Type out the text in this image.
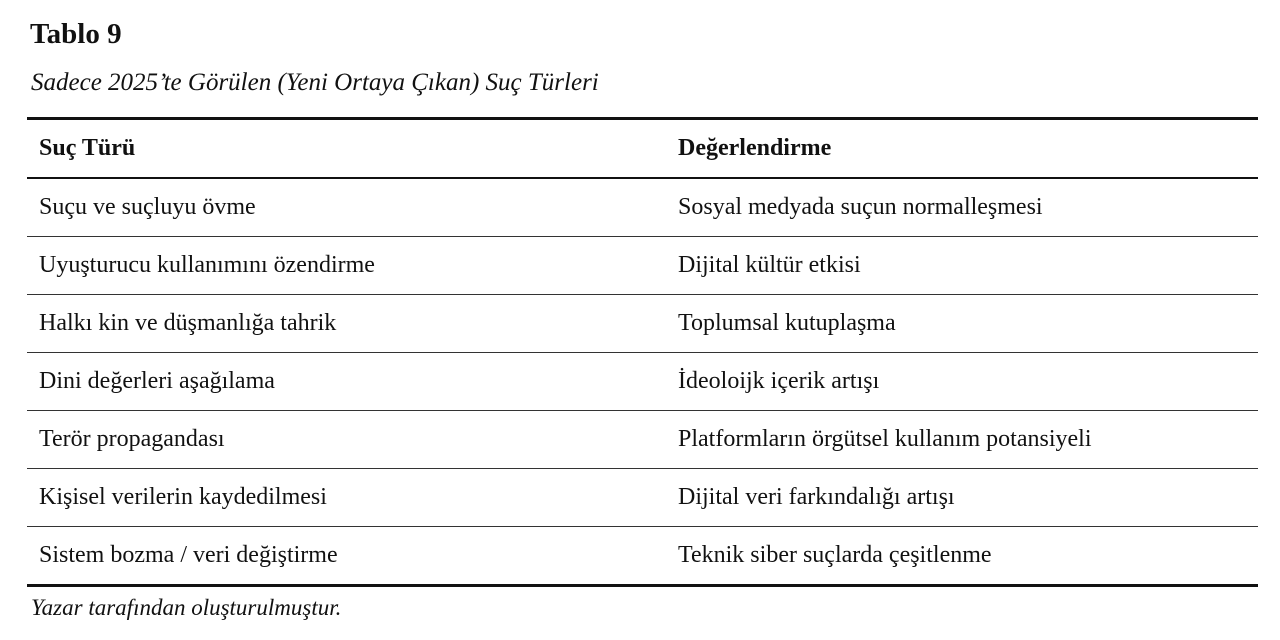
Tablo 9

Sadece 2025’te Görülen (Yeni Ortaya Çıkan) Suç Türleri

Suç Türü	Değerlendirme
Suçu ve suçluyu övme	Sosyal medyada suçun normalleşmesi
Uyuşturucu kullanımını özendirme	Dijital kültür etkisi
Halkı kin ve düşmanlığa tahrik	Toplumsal kutuplaşma
Dini değerleri aşağılama	İdeoloijk içerik artışı
Terör propagandası	Platformların örgütsel kullanım potansiyeli
Kişisel verilerin kaydedilmesi	Dijital veri farkındalığı artışı
Sistem bozma / veri değiştirme	Teknik siber suçlarda çeşitlenme

Yazar tarafından oluşturulmuştur.
